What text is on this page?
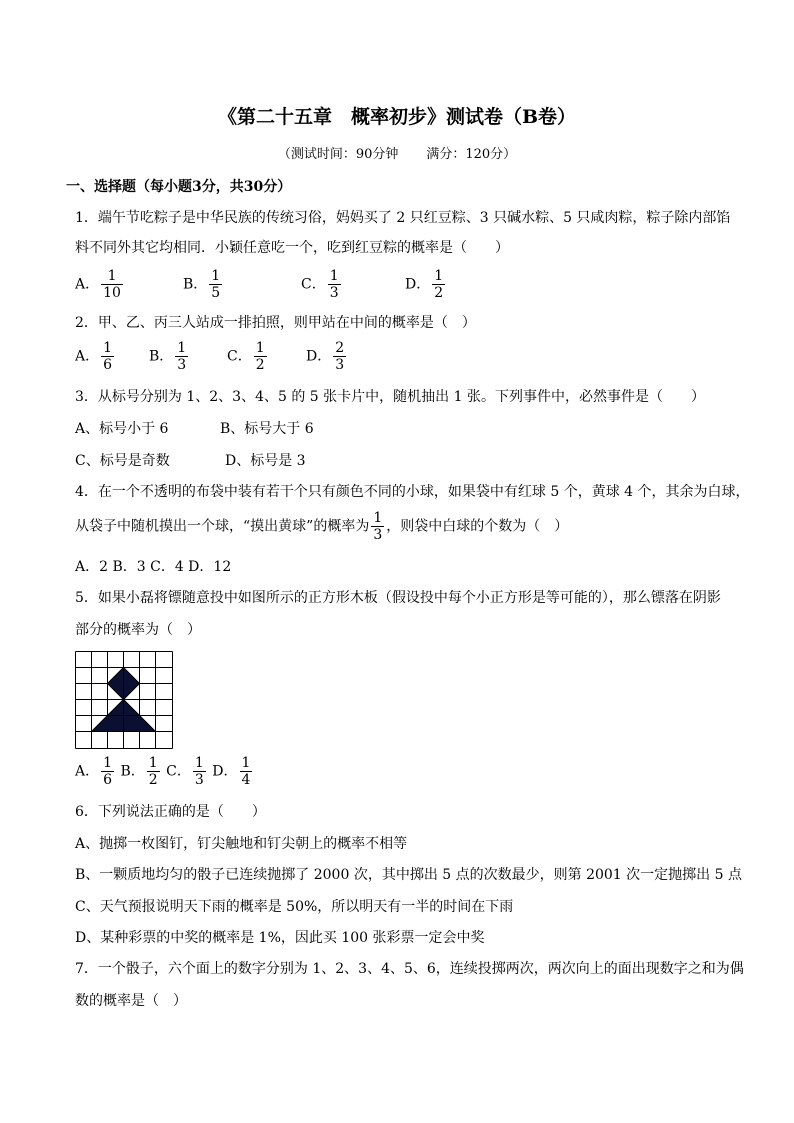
《第二十五章　概率初步》测试卷（B卷）
（测试时间：90分钟 满分：120分）
一、选择题（每小题3分，共30分）
1．端午节吃粽子是中华民族的传统习俗，妈妈买了 2 只红豆粽、3 只碱水粽、5 只咸肉粽，粽子除内部馅
料不同外其它均相同．小颖任意吃一个，吃到红豆粽的概率是（　　）
A． $\frac{1}{10}$	B． $\frac{1}{5}$	C． $\frac{1}{3}$	D． $\frac{1}{2}$
2．甲、乙、丙三人站成一排拍照，则甲站在中间的概率是（　）
A． $\frac{1}{6}$ B． $\frac{1}{3}$	C． $\frac{1}{2}$	D． $\frac{2}{3}$
3．从标号分别为 1、2、3、4、5 的 5 张卡片中，随机抽出 1 张。下列事件中，必然事件是（　　）
A、标号小于 6	B、标号大于 6
C、标号是奇数	D、标号是 3
4．在一个不透明的布袋中装有若干个只有颜色不同的小球，如果袋中有红球 5 个，黄球 4 个，其余为白球，
从袋子中随机摸出一个球，“摸出黄球”的概率为 $\frac{1}{3}$ ，则袋中白球的个数为（　）
A．2 B．3 C．4 D．12
5．如果小磊将镖随意投中如图所示的正方形木板（假设投中每个小正方形是等可能的），那么镖落在阴影
部分的概率为（　）
A． $\frac{1}{6}$ B． $\frac{1}{2}$ C． $\frac{1}{3}$ D． $\frac{1}{4}$
6．下列说法正确的是（　　）
A、抛掷一枚图钉，钉尖触地和钉尖朝上的概率不相等
B、一颗质地均匀的骰子已连续抛掷了 2000 次，其中掷出 5 点的次数最少，则第 2001 次一定抛掷出 5 点
C、天气预报说明天下雨的概率是 50%，所以明天有一半的时间在下雨
D、某种彩票的中奖的概率是 1%，因此买 100 张彩票一定会中奖
7．一个骰子，六个面上的数字分别为 1、2、3、4、5、6，连续投掷两次，两次向上的面出现数字之和为偶
数的概率是（　）
